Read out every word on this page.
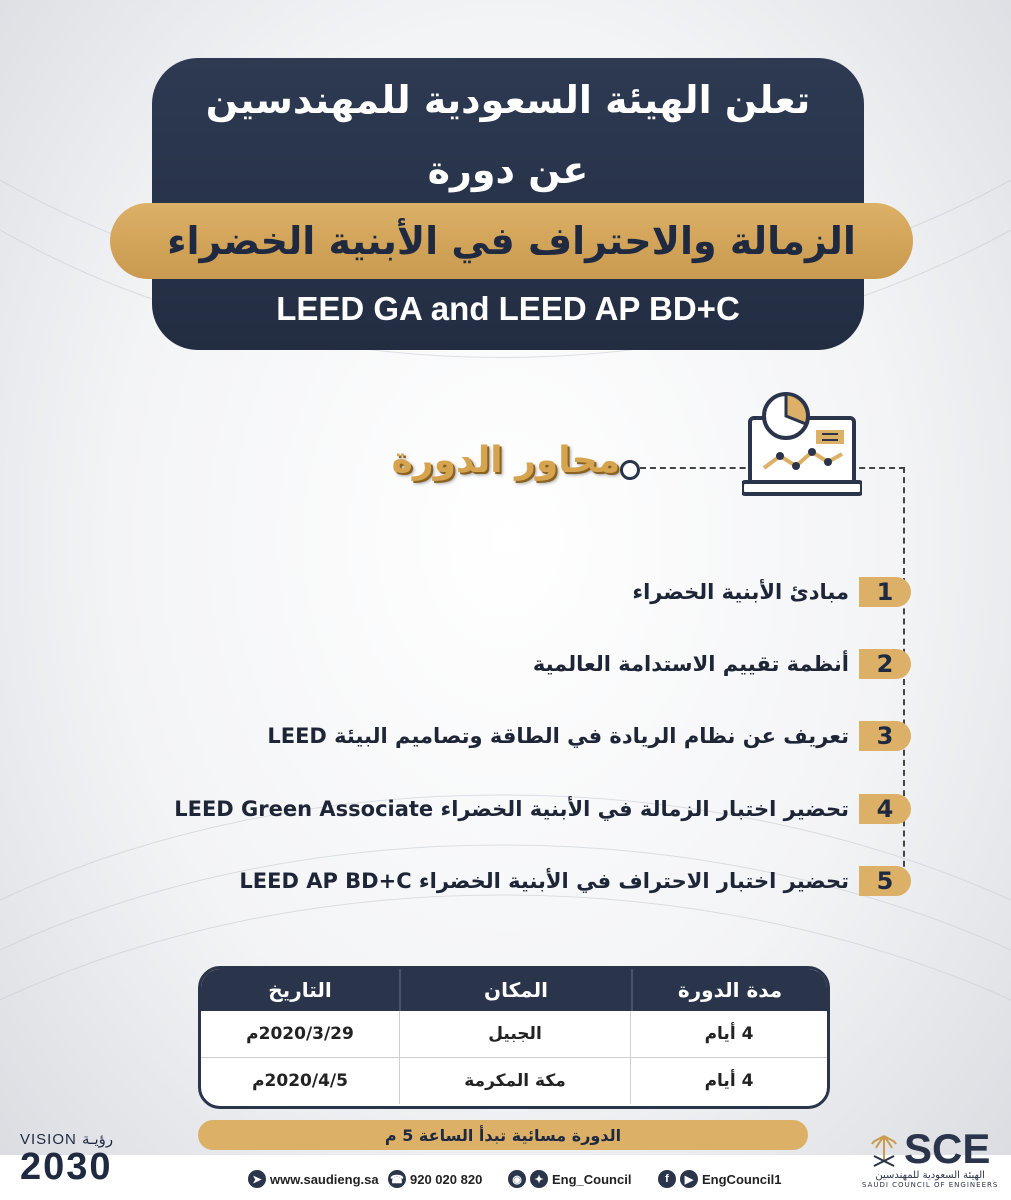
تعلن الهيئة السعودية للمهندسين
عن دورة
الزمالة والاحتراف في الأبنية الخضراء
LEED GA and LEED AP BD+C
محاور الدورة
1
مبادئ الأبنية الخضراء
2
أنظمة تقييم الاستدامة العالمية
3
تعريف عن نظام الريادة في الطاقة وتصاميم البيئة LEED
4
تحضير اختبار الزمالة في الأبنية الخضراء LEED Green Associate
5
تحضير اختبار الاحتراف في الأبنية الخضراء LEED AP BD+C
التاريخ	المكان	مدة الدورة
2020/3/29م	الجبيل	4 أيام
2020/4/5م	مكة المكرمة	4 أيام
الدورة مسائية تبدأ الساعة 5 م
VISION رؤيـة
2030	➤ www.saudieng.sa ☎ 920 020 820	◉	✦ Eng_Council	f	▶ EngCouncil1
SCE
الهيئة السعودية للمهندسين
SAUDI COUNCIL OF ENGINEERS
